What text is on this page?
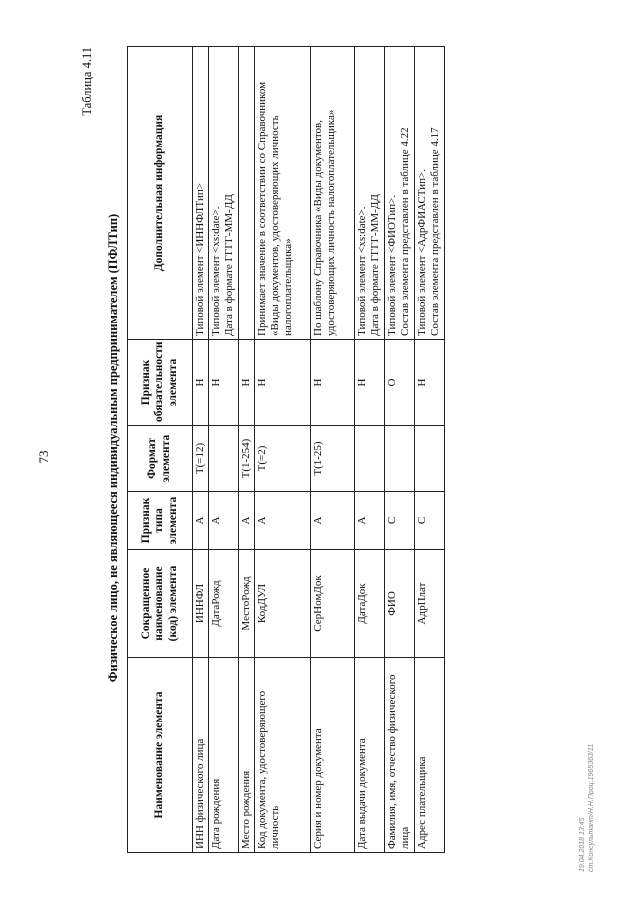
73
Таблица 4.11
Физическое лицо, не являющееся индивидуальным предпринимателем (ПФЛТип)
Наименование элемента	Сокращенное наименование (код) элемента	Признак типа элемента	Формат элемента	Признак обязательности элемента	Дополнительная информация
ИНН физического лица	ИННФЛ	А	T(=12)	Н	Типовой элемент <ИННФЛТип>

Дата рождения	ДатаРожд	А		Н	Типовой элемент <xs:date>. Дата в формате ГГГГ-ММ-ДД

Место рождения	МестоРожд	А	T(1-254)	Н	
Код документа, удостоверяющего личность	КодДУЛ	А	T(=2)	Н	Принимает значение в соответствии со Справочником «Виды документов, удостоверяющих личность налогоплательщика»

Серия и номер документа	СерНомДок	А	T(1-25)	Н	По шаблону Справочника «Виды документов, удостоверяющих личность налогоплательщика»

Дата выдачи документа	ДатаДок	А		Н	Типовой элемент <xs:date>. Дата в формате ГГГГ-ММ-ДД

Фамилия, имя, отчество физического лица	ФИО	С		О	Типовой элемент <ФИОТип>. Состав элемента представлен в таблице 4.22

Адрес плательщика	АдрПлат	С		Н	Типовой элемент <АдрФИАСТип>. Состав элемента представлен в таблице 4.17
19.04.2018 13:45 ст.Консультант/Н.Н.Проц.1965363/11
